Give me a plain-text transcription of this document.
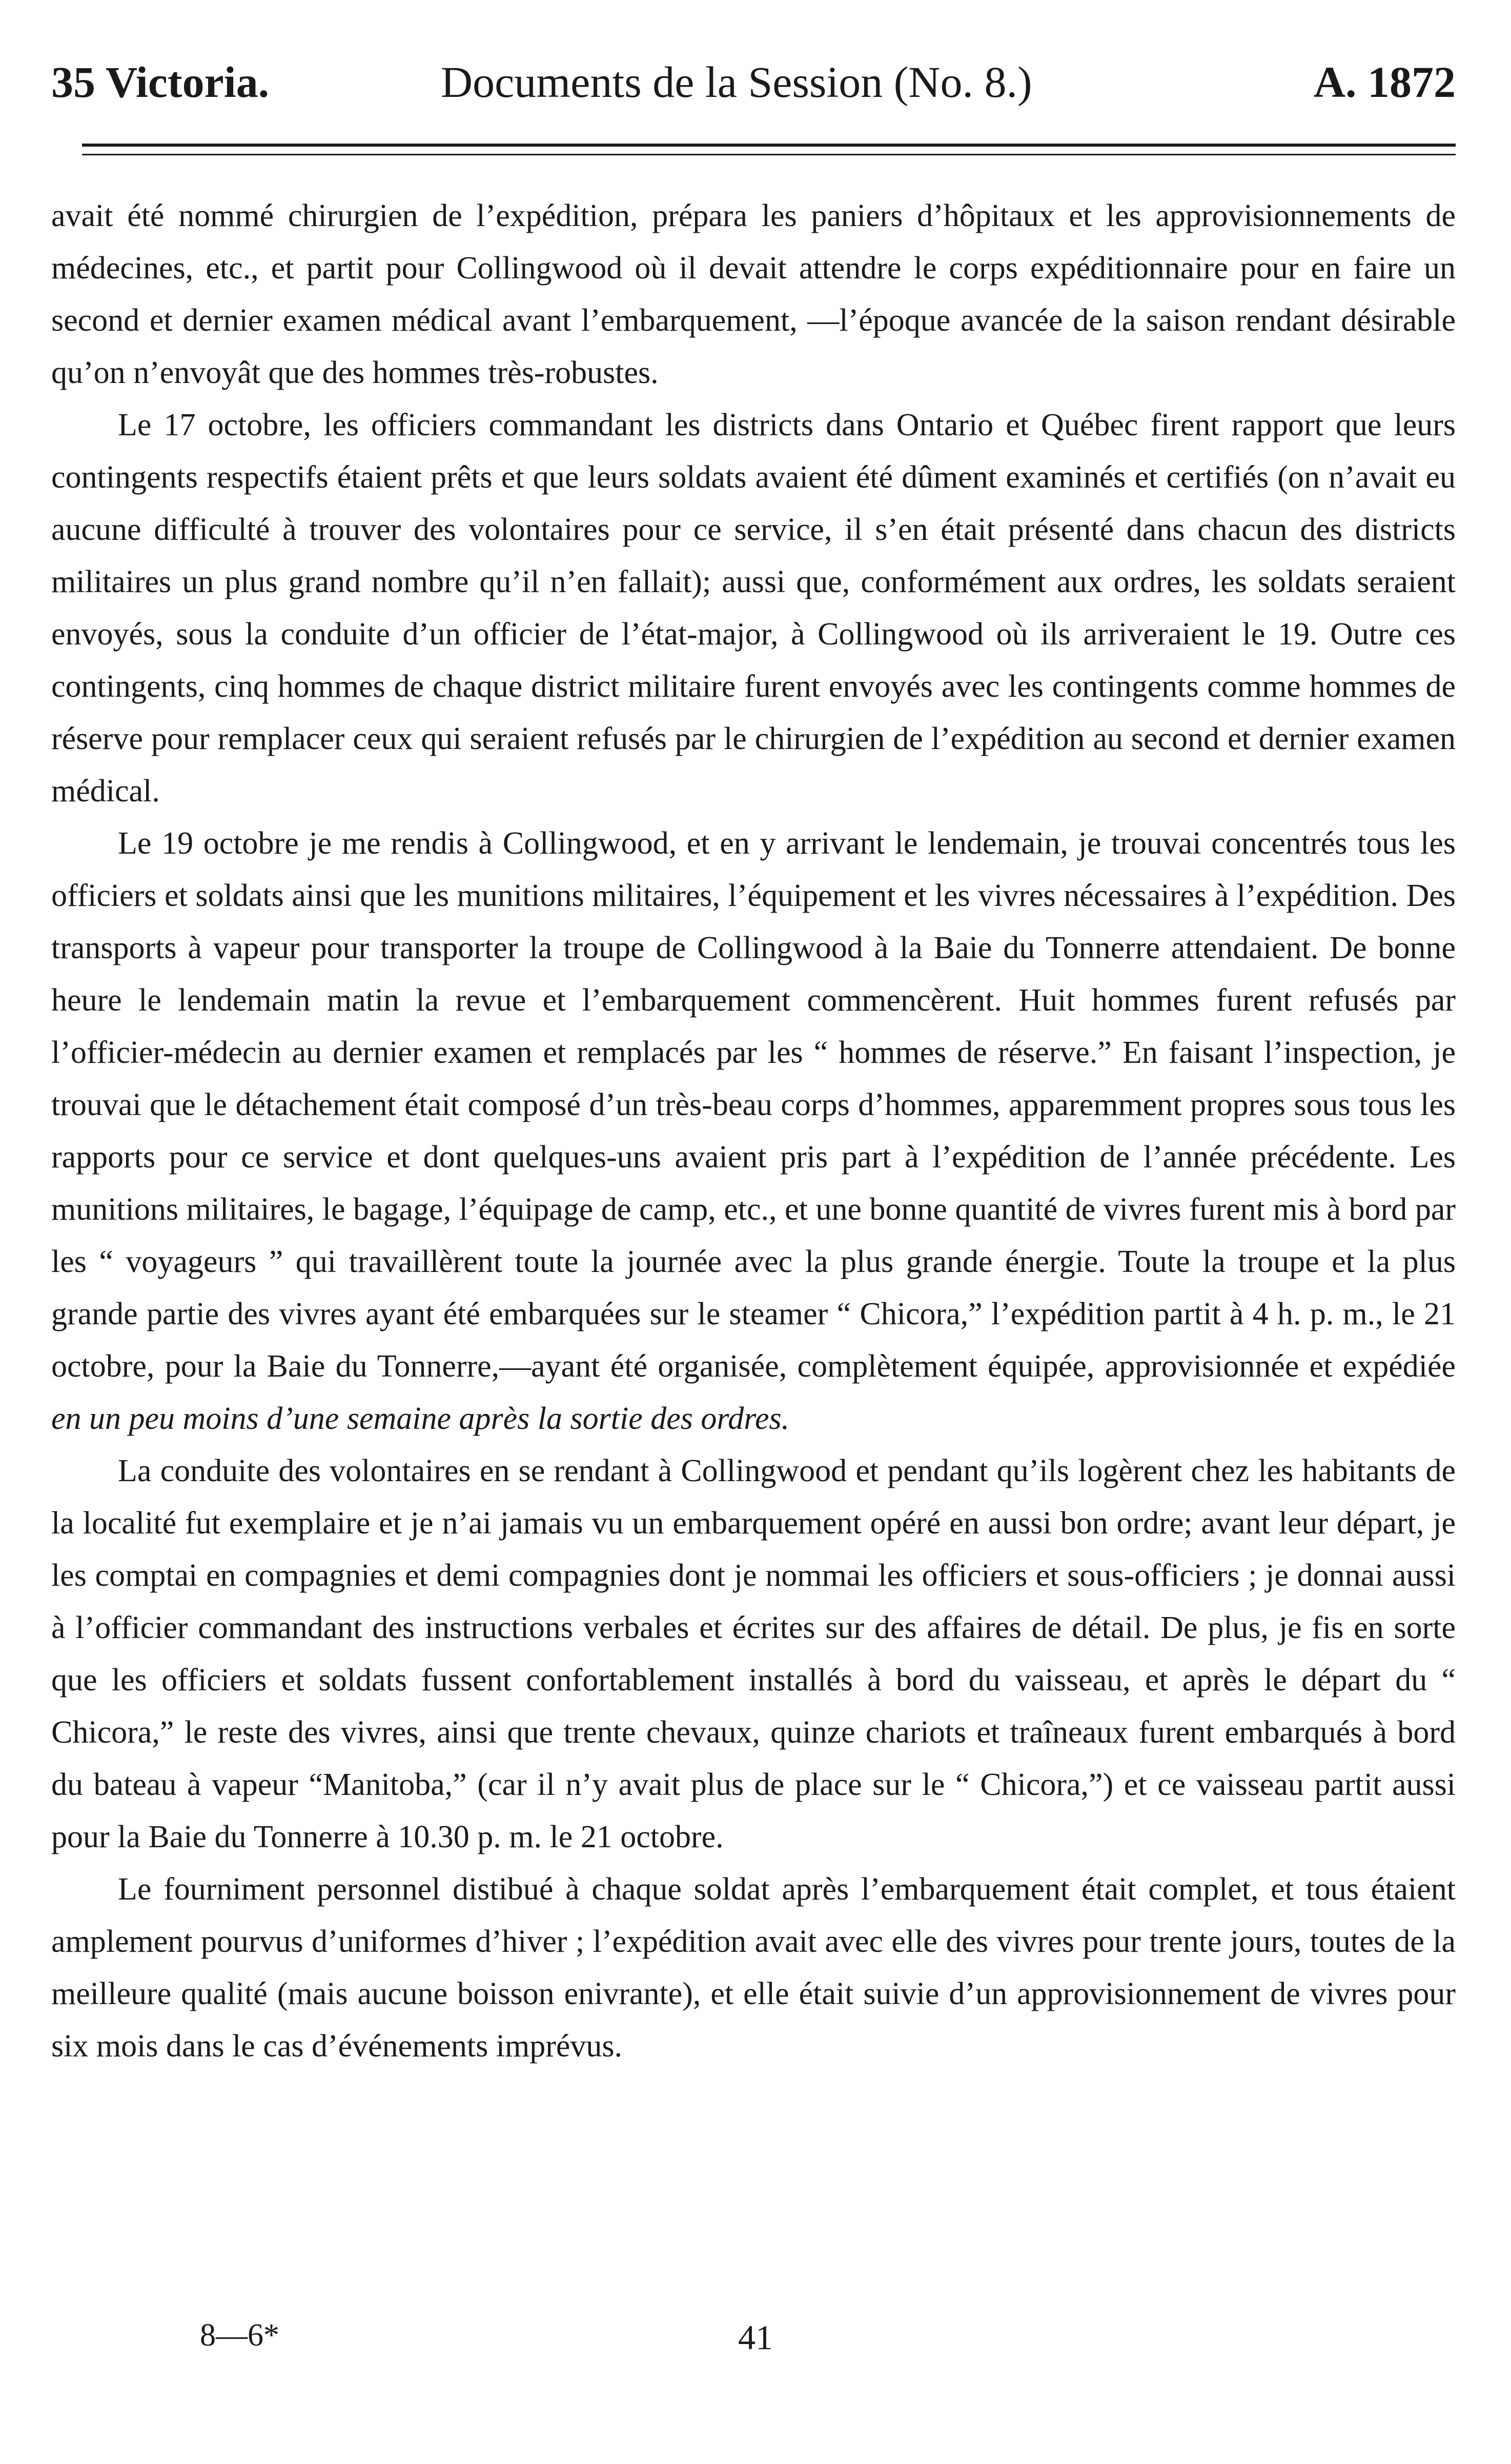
35 Victoria.	Documents de la Session (No. 8.)	A. 1872

avait été nommé chirurgien de l’expédition, prépara les paniers d’hôpitaux et les approvisionnements de médecines, etc., et partit pour Collingwood où il devait attendre le corps expéditionnaire pour en faire un second et dernier examen médical avant l’embarquement, —l’époque avancée de la saison rendant désirable qu’on n’envoyât que des hommes très-robustes.

Le 17 octobre, les officiers commandant les districts dans Ontario et Québec firent rapport que leurs contingents respectifs étaient prêts et que leurs soldats avaient été dûment examinés et certifiés (on n’avait eu aucune difficulté à trouver des volontaires pour ce service, il s’en était présenté dans chacun des districts militaires un plus grand nombre qu’il n’en fallait); aussi que, conformément aux ordres, les soldats seraient envoyés, sous la conduite d’un officier de l’état-major, à Collingwood où ils arriveraient le 19. Outre ces contingents, cinq hommes de chaque district militaire furent envoyés avec les contingents comme hommes de réserve pour remplacer ceux qui seraient refusés par le chirurgien de l’expédition au second et dernier examen médical.

Le 19 octobre je me rendis à Collingwood, et en y arrivant le lendemain, je trouvai concentrés tous les officiers et soldats ainsi que les munitions militaires, l’équipement et les vivres nécessaires à l’expédition. Des transports à vapeur pour transporter la troupe de Collingwood à la Baie du Tonnerre attendaient. De bonne heure le lendemain matin la revue et l’embarquement commencèrent. Huit hommes furent refusés par l’officier-médecin au dernier examen et remplacés par les “ hommes de réserve.” En faisant l’inspection, je trouvai que le détachement était composé d’un très-beau corps d’hommes, apparemment propres sous tous les rapports pour ce service et dont quelques-uns avaient pris part à l’expédition de l’année précédente. Les munitions militaires, le bagage, l’équipage de camp, etc., et une bonne quantité de vivres furent mis à bord par les “ voyageurs ” qui travaillèrent toute la journée avec la plus grande énergie. Toute la troupe et la plus grande partie des vivres ayant été embarquées sur le steamer “ Chicora,” l’expédition partit à 4 h. p. m., le 21 octobre, pour la Baie du Tonnerre,—ayant été organisée, complètement équipée, approvisionnée et expédiée en un peu moins d’une semaine après la sortie des ordres.

La conduite des volontaires en se rendant à Collingwood et pendant qu’ils logèrent chez les habitants de la localité fut exemplaire et je n’ai jamais vu un embarquement opéré en aussi bon ordre; avant leur départ, je les comptai en compagnies et demi compagnies dont je nommai les officiers et sous-officiers ; je donnai aussi à l’officier commandant des instructions verbales et écrites sur des affaires de détail. De plus, je fis en sorte que les officiers et soldats fussent confortablement installés à bord du vaisseau, et après le départ du “ Chicora,” le reste des vivres, ainsi que trente chevaux, quinze chariots et traîneaux furent embarqués à bord du bateau à vapeur “Manitoba,” (car il n’y avait plus de place sur le “ Chicora,”) et ce vaisseau partit aussi pour la Baie du Tonnerre à 10.30 p. m. le 21 octobre.

Le fourniment personnel distibué à chaque soldat après l’embarquement était complet, et tous étaient amplement pourvus d’uniformes d’hiver ; l’expédition avait avec elle des vivres pour trente jours, toutes de la meilleure qualité (mais aucune boisson enivrante), et elle était suivie d’un approvisionnement de vivres pour six mois dans le cas d’événements imprévus.

8—6*	41
